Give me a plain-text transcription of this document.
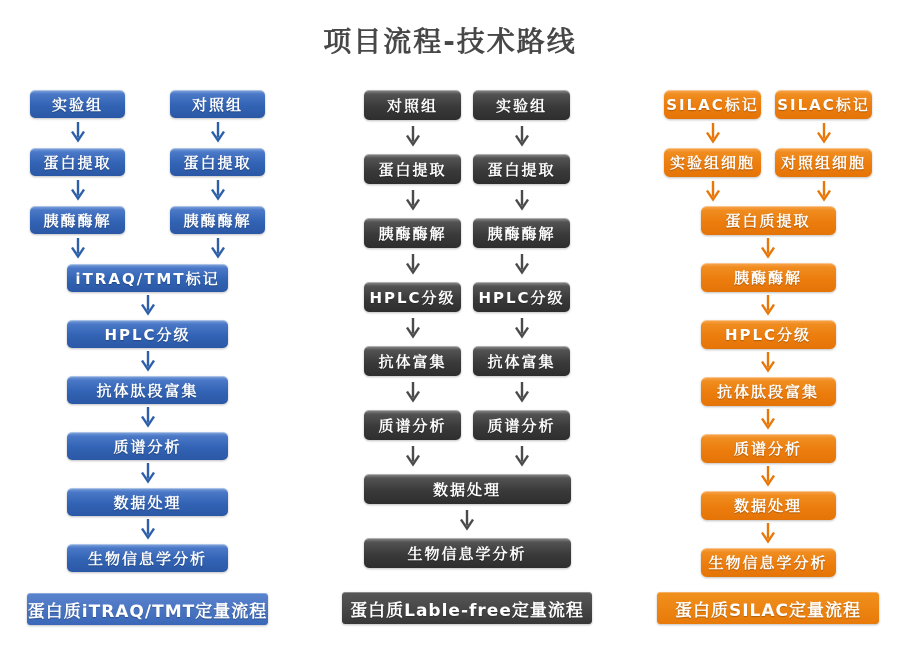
项目流程-技术路线
实验组
蛋白提取
胰酶酶解
对照组
蛋白提取
胰酶酶解
iTRAQ/TMT标记
HPLC分级
抗体肽段富集
质谱分析
数据处理
生物信息学分析
蛋白质iTRAQ/TMT定量流程
对照组
蛋白提取
胰酶酶解
HPLC分级
抗体富集
质谱分析
实验组
蛋白提取
胰酶酶解
HPLC分级
抗体富集
质谱分析
数据处理
生物信息学分析
蛋白质Lable-free定量流程
SILAC标记
实验组细胞
SILAC标记
对照组细胞
蛋白质提取
胰酶酶解
HPLC分级
抗体肽段富集
质谱分析
数据处理
生物信息学分析
蛋白质SILAC定量流程
